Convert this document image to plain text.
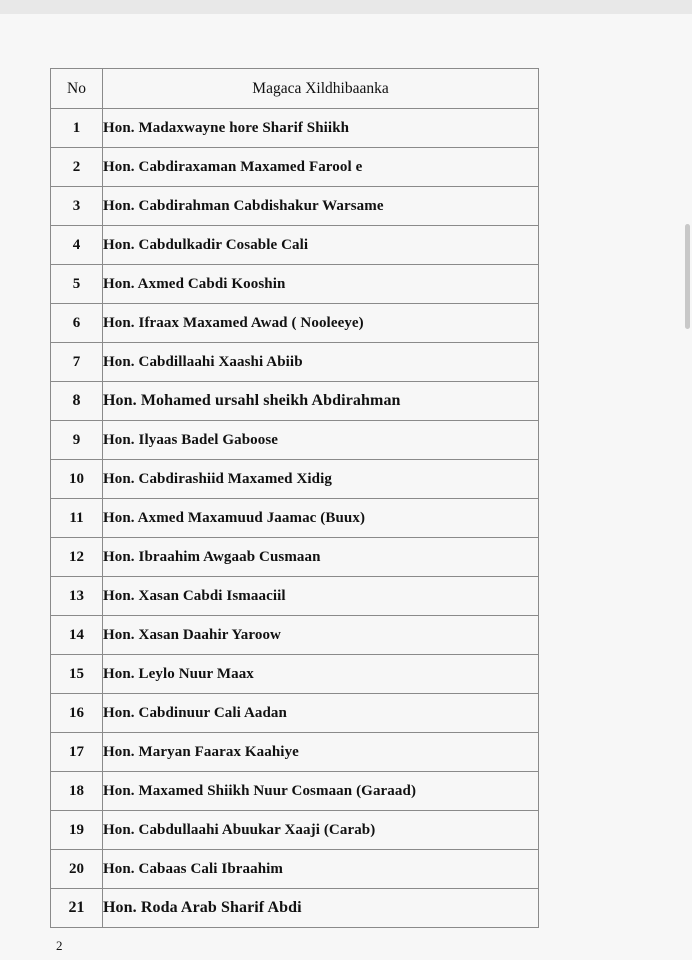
No	Magaca Xildhibaanka
1	Hon. Madaxwayne hore Sharif Shiikh
2	Hon. Cabdiraxaman Maxamed Farool e
3	Hon. Cabdirahman Cabdishakur Warsame
4	Hon. Cabdulkadir Cosable Cali
5	Hon. Axmed Cabdi Kooshin
6	Hon. Ifraax Maxamed Awad ( Nooleeye)
7	Hon. Cabdillaahi Xaashi Abiib
8	Hon. Mohamed ursahl sheikh Abdirahman
9	Hon. Ilyaas Badel Gaboose
10	Hon. Cabdirashiid Maxamed Xidig
11	Hon. Axmed Maxamuud Jaamac (Buux)
12	Hon. Ibraahim Awgaab Cusmaan
13	Hon. Xasan Cabdi Ismaaciil
14	Hon. Xasan Daahir Yaroow
15	Hon. Leylo Nuur Maax
16	Hon. Cabdinuur Cali Aadan
17	Hon. Maryan Faarax Kaahiye
18	Hon. Maxamed Shiikh Nuur Cosmaan (Garaad)
19	Hon. Cabdullaahi Abuukar Xaaji (Carab)
20	Hon. Cabaas Cali Ibraahim
21	Hon. Roda Arab Sharif Abdi
2
